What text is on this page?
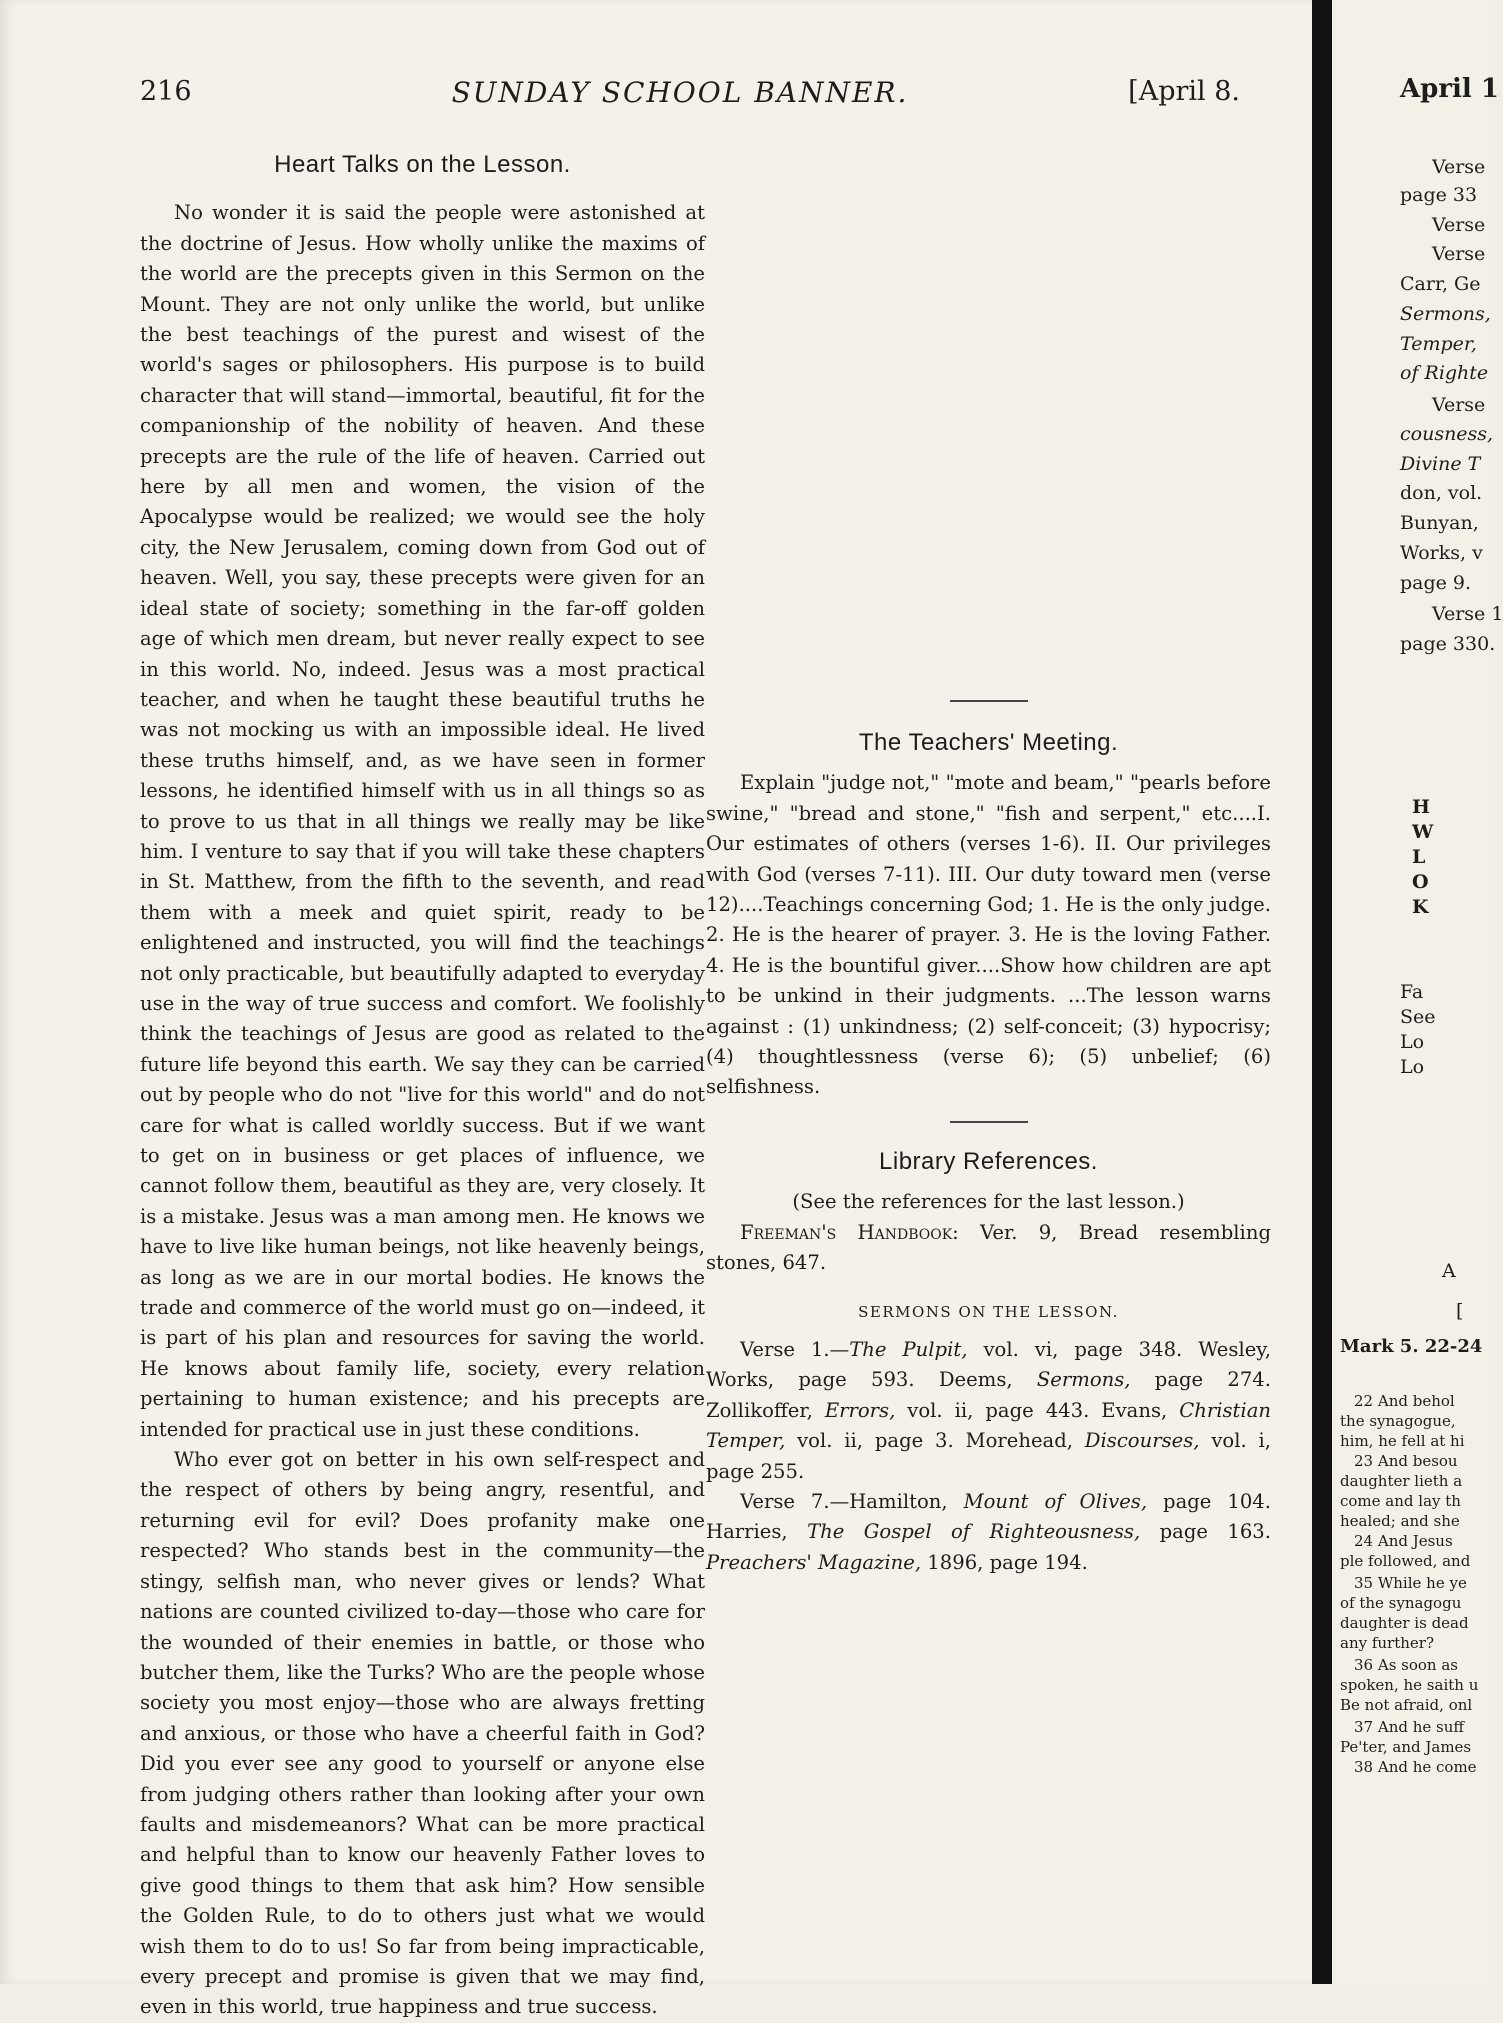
216	SUNDAY SCHOOL BANNER.	[April 8.
Heart Talks on the Lesson.

No wonder it is said the people were astonished at the doctrine of Jesus. How wholly unlike the maxims of the world are the precepts given in this Sermon on the Mount. They are not only unlike the world, but unlike the best teachings of the purest and wisest of the world's sages or philosophers. His purpose is to build character that will stand—immortal, beautiful, fit for the companionship of the nobility of heaven. And these precepts are the rule of the life of heaven. Carried out here by all men and women, the vision of the Apocalypse would be realized; we would see the holy city, the New Jerusalem, coming down from God out of heaven. Well, you say, these precepts were given for an ideal state of society; something in the far-off golden age of which men dream, but never really expect to see in this world. No, indeed. Jesus was a most practical teacher, and when he taught these beautiful truths he was not mocking us with an impossible ideal. He lived these truths himself, and, as we have seen in former lessons, he identified himself with us in all things so as to prove to us that in all things we really may be like him. I venture to say that if you will take these chapters in St. Matthew, from the fifth to the seventh, and read them with a meek and quiet spirit, ready to be enlightened and instructed, you will find the teachings not only practicable, but beautifully adapted to everyday use in the way of true success and comfort. We foolishly think the teachings of Jesus are good as related to the future life beyond this earth. We say they can be carried out by people who do not "live for this world" and do not care for what is called worldly success. But if we want to get on in business or get places of influence, we cannot follow them, beautiful as they are, very closely. It is a mistake. Jesus was a man among men. He knows we have to live like human beings, not like heavenly beings, as long as we are in our mortal bodies. He knows the trade and commerce of the world must go on—indeed, it is part of his plan and resources for saving the world. He knows about family life, society, every relation pertaining to human existence; and his precepts are intended for practical use in just these conditions.

Who ever got on better in his own self-respect and the respect of others by being angry, resentful, and returning evil for evil? Does profanity make one respected? Who stands best in the community—the stingy, selfish man, who never gives or lends? What nations are counted civilized to-day—those who care for the wounded of their enemies in battle, or those who butcher them, like the Turks? Who are the people whose society you most enjoy—those who are always fretting and anxious, or those who have a cheerful faith in God? Did you ever see any good to yourself or anyone else from judging others rather than looking after your own faults and misdemeanors? What can be more practical and helpful than to know our heavenly Father loves to give good things to them that ask him? How sensible the Golden Rule, to do to others just what we would wish them to do to us! So far from being impracticable, every precept and promise is given that we may find, even in this world, true happiness and true success.

The Teachers' Meeting.

Explain "judge not," "mote and beam," "pearls before swine," "bread and stone," "fish and serpent," etc....I. Our estimates of others (verses 1-6). II. Our privileges with God (verses 7-11). III. Our duty toward men (verse 12)....Teachings concerning God; 1. He is the only judge. 2. He is the hearer of prayer. 3. He is the loving Father. 4. He is the bountiful giver....Show how children are apt to be unkind in their judgments. ...The lesson warns against : (1) unkindness; (2) self-conceit; (3) hypocrisy; (4) thoughtlessness (verse 6); (5) unbelief; (6) selfishness.

Library References.

(See the references for the last lesson.)

Freeman's Handbook: Ver. 9, Bread resembling stones, 647.

SERMONS ON THE LESSON.

Verse 1.—The Pulpit, vol. vi, page 348. Wesley, Works, page 593. Deems, Sermons, page 274. Zollikoffer, Errors, vol. ii, page 443. Evans, Christian Temper, vol. ii, page 3. Morehead, Discourses, vol. i, page 255.

Verse 7.—Hamilton, Mount of Olives, page 104. Harries, The Gospel of Righteousness, page 163. Preachers' Magazine, 1896, page 194.

April 1
Verse
page 33
Verse
Verse
Carr, Ge
Sermons,
Temper,
of Righte
Verse
cousness,
Divine T
don, vol.
Bunyan,
Works, v
page 9.
Verse 1
page 330.
H
W
L
O
K
Fa
See
Lo
Lo
A
[
Mark 5. 22-24
22 And behol
the synagogue,
him, he fell at hi
23 And besou
daughter lieth a
come and lay th
healed; and she
24 And Jesus
ple followed, and
35 While he ye
of the synagogu
daughter is dead
any further?
36 As soon as
spoken, he saith u
Be not afraid, onl
37 And he suff
Pe'ter, and James
38 And he come
